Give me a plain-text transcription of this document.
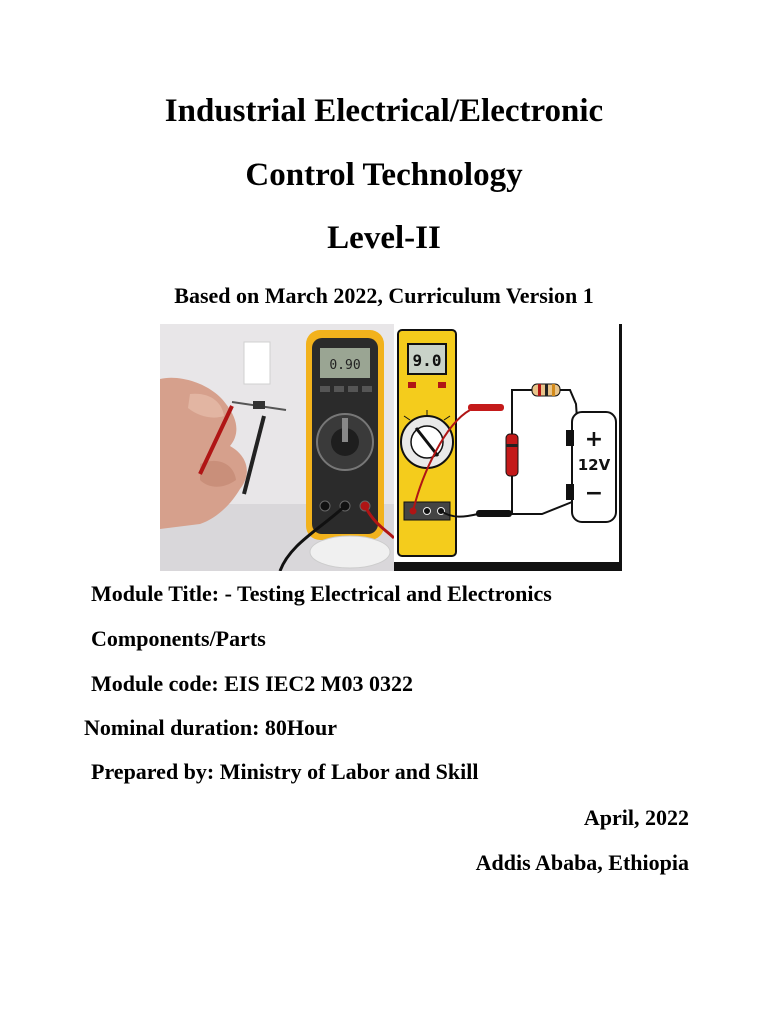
Industrial Electrical/Electronic
Control Technology
Level-II
Based on March 2022, Curriculum Version 1
0.90	9.0
+
12V
−
Module Title: - Testing Electrical and Electronics
Components/Parts
Module code: EIS IEC2 M03 0322
Nominal duration: 80Hour
Prepared by: Ministry of Labor and Skill
April, 2022
Addis Ababa, Ethiopia
